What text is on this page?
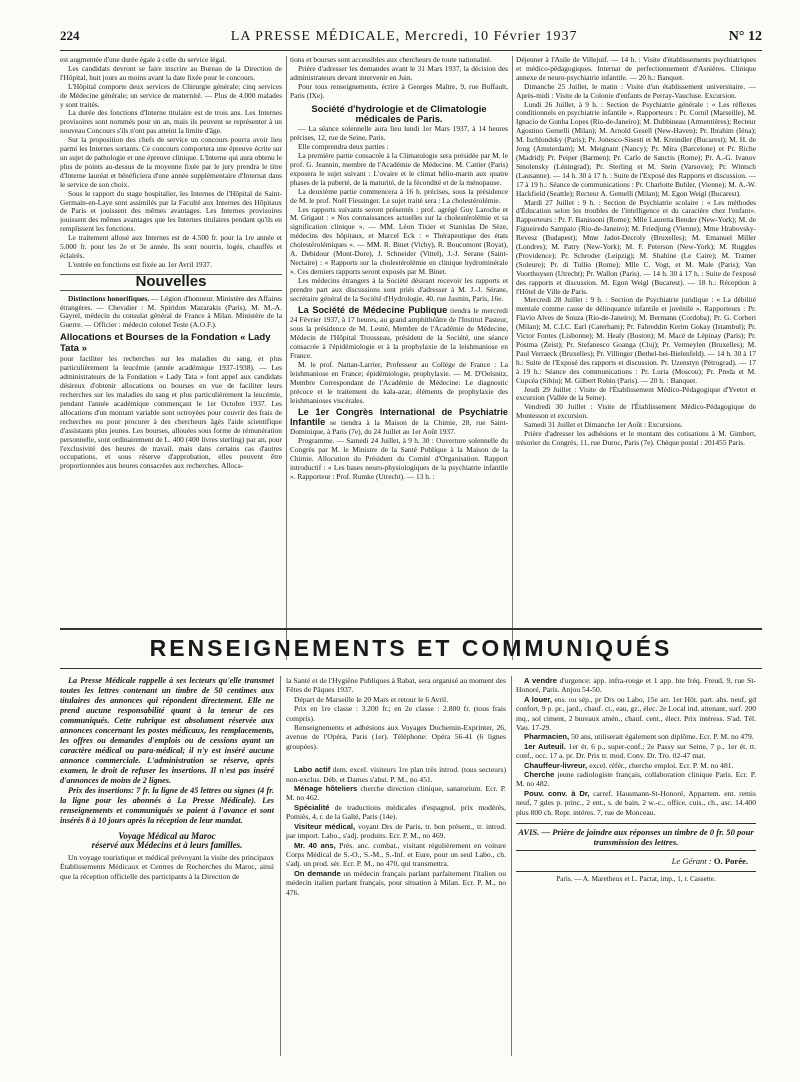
224	LA PRESSE MÉDICALE, Mercredi, 10 Février 1937	N° 12

est augmentée d'une durée égale à celle du service légal.

Les candidats devront se faire inscrire au Bureau de la Direction de l'Hôpital, huit jours au moins avant la date fixée pour le concours.

L'Hôpital comporte deux services de Chirurgie générale; cinq services de Médecine générale; un service de maternité. — Plus de 4.000 malades y sont traités.

La durée des fonctions d'Interne titulaire est de trois ans. Les Internes provisoires sont nommés pour un an, mais ils peuvent se représenter à un nouveau Concours s'ils n'ont pas atteint la limite d'âge.

Sur la proposition des chefs de service un concours pourra avoir lieu parmi les Internes sortants. Ce concours comportera une épreuve écrite sur un sujet de pathologie et une épreuve clinique. L'Interne qui aura obtenu le plus de points au-dessus de la moyenne fixée par le jury prendra le titre d'Interne lauréat et bénéficiera d'une année supplémentaire d'Internat dans le service de son choix.

Sous le rapport du stage hospitalier, les Internes de l'Hôpital de Saint-Germain-en-Laye sont assimilés par la Faculté aux Internes des Hôpitaux de Paris et jouissent des mêmes avantages. Les Internes provisoires jouissent des mêmes avantages que les Internes titulaires pendant qu'ils en remplissent les fonctions.

Le traitement alloué aux Internes est de 4.500 fr. pour la 1re année et 5.000 fr. pour les 2e et 3e année. Ils sont nourris, logés, chauffés et éclairés.

L'entrée en fonctions est fixée au 1er Avril 1937.

Nouvelles

Distinctions honorifiques. — Légion d'honneur. Ministère des Affaires étrangères. — Chevalier : M. Spiridon Mazarakis (Paris), M. M.-A. Gayrel, médecin du consulat général de France à Milan. Ministère de la Guerre. — Officier : médecin colonel Teste (A.O.F.).

Allocations et Bourses de la Fondation « Lady Tata »

pour faciliter les recherches sur les maladies du sang, et plus particulièrement la leucémie (année académique 1937-1938). — Les administrateurs de la Fondation « Lady Tata » font appel aux candidats désireux d'obtenir allocations ou bourses en vue de faciliter leurs recherches sur les maladies du sang et plus particulièrement la leucémie, pendant l'année académique commençant le 1er Octobre 1937. Les allocations d'un montant variable sont octroyées pour couvrir des frais de recherches ou pour procurer à des chercheurs âgés l'aide scientifique d'assistants plus jeunes. Les bourses, allouées sous forme de rémunération personnelle, sont ordinairement de L. 400 (400 livres sterling) par an, pour l'exclusivité des heures de travail, mais dans certains cas d'autres occupations, et sous réserve d'approbation, elles peuvent être proportionnées aux heures consacrées aux recherches. Alloca-

tions et bourses sont accessibles aux chercheurs de toute nationalité.

Prière d'adresser les demandes avant le 31 Mars 1937, la décision des administrateurs devant intervenir en Juin.

Pour tous renseignements, écrire à Georges Maître, 9, rue Buffault, Paris (IXe).

Société d'hydrologie et de Climatologie médicales de Paris.

— La séance solennelle aura lieu lundi 1er Mars 1937, à 14 heures précises, 12, rue de Seine, Paris.

Elle comprendra deux parties :

La première partie consacrée à la Climatologie sera présidée par M. le prof. G. Jeannin, membre de l'Académie de Médecine. M. Cattier (Paris) exposera le sujet suivant : L'ovaire et le climat hélio-marin aux quatre phases de la puberté, de la maturité, de la fécondité et de la ménopause.

La deuxième partie commencera à 16 h. précises, sous la présidence de M. le prof. Noël Fiessinger. Le sujet traité sera : La cholestérolémie.

Les rapports suivants seront présentés : prof. agrégé Guy Laroche et M. Grigaut : « Nos connaissances actuelles sur la cholestérolémie et sa signification clinique ». — MM. Léon Tixier et Stanislas De Sèze, médecins des hôpitaux, et Marcel Eck : « Thérapeutique des états cholestérolémiques ». — MM. R. Binet (Vichy), R. Boucomont (Royat), A. Debidour (Mont-Dore), J. Schneider (Vittel), J.-J. Serane (Saint-Nectaire) : « Rapports sur la cholestérolémie en clinique hydrominérale ». Ces derniers rapports seront exposés par M. Binet.

Les médecins étrangers à la Société désirant recevoir les rapports et prendre part aux discussions sont priés d'adresser à M. J.-J. Sérane, secrétaire général de la Société d'Hydrologie, 40, rue Jasmin, Paris, 16e.

La Société de Médecine Publique tiendra le mercredi 24 Février 1937, à 17 heures, au grand amphithéâtre de l'Institut Pasteur, sous la présidence de M. Lesné, Membre de l'Académie de Médecine, Médecin de l'Hôpital Trousseau, président de la Société, une séance consacrée à l'épidémiologie et à la prophylaxie de la leishmaniose en France.

M. le prof. Nattan-Larrier, Professeur au Collège de France : La leishmaniose en France; épidémiologie, prophylaxie. — M. D'Oelsnitz, Membre Correspondant de l'Académie de Médecine: Le diagnostic précoce et le traitement du kala-azar, éléments de prophylaxie des leishmanioses viscérales.

Le 1er Congrès International de Psychiatrie Infantile se tiendra à la Maison de la Chimie, 28, rue Saint-Dominique, à Paris (7e), du 24 Juillet au 1er Août 1937.

Programme. — Samedi 24 Juillet, à 9 h. 30 : Ouverture solennelle du Congrès par M. le Ministre de la Santé Publique à la Maison de la Chimie. Allocution du Président du Comité d'Organisation. Rapport introductif : « Les bases neuro-physiologiques de la psychiatrie infantile ». Rapporteur : Prof. Rumke (Utrecht). — 13 h. :

Déjeuner à l'Asile de Villejuif. — 14 h. : Visite d'établissements psychiatriques et médico-pédagogiques. Internat de perfectionnement d'Asnières. Clinique annexe de neuro-psychiatrie infantile. — 20 h.: Banquet.

Dimanche 25 Juillet, le matin : Visite d'un établissement universitaire. — Après-midi : Visite de la Colonie d'enfants de Perray-Vaucluse. Excursion.

Lundi 26 Juillet, à 9 h. : Section de Psychiatrie générale : « Les réflexes conditionnels en psychiatrie infantile ». Rapporteurs : Pr. Cornil (Marseille), M. Ignacio de Gunha Lopes (Rio-de-Janeiro); M. Dubbineau (Armentières); Recteur Agostino Gemelli (Milan); M. Arnold Gesell (New-Haven); Pr. Ibrahim (Iéna); M. Ischlondsky (Paris); Pr. Jonesco-Sisesti et M. Kreindler (Bucarest); M. H. de Jong (Amsterdam); M. Meignant (Nancy); Pr. Mira (Barcelone) et Pr. Riche (Madrid); Pr. Peiper (Barmen); Pr. Carlo de Sanctis (Rome); Pr. A.-G. Ivanov Smolensky (Léningrad); Pr. Sterling et M. Stein (Varsovie); Pr. Wintsch (Lausanne). — 14 h. 30 à 17 h. : Suite de l'Exposé des Rapports et discussion. — 17 à 19 h.: Séance de communications : Pr. Charlotte Buhler, (Vienne); M. A.-W. Hackfield (Seattle); Recteur A. Gemelli (Milan); M. Egon Weigl (Bucarest).

Mardi 27 Juillet : 9 h. : Section de Psychiatrie scolaire : « Les méthodes d'Éducation selon les troubles de l'intelligence et du caractère chez l'enfant». Rapporteurs : Pr. F. Banissoni (Rome); Mlle Lauretta Bender (New-York); M. de Figueiredo Sampaio (Rio-de-Janeiro); M. Friedjung (Vienne); Mme Hrabovsky-Revesz (Budapest); Mme Jadot-Decroly (Bruxelles); M. Emanuel Miller (Londres); M. Patry (New-York); M. F. Peterson (New-York); M. Ruggles (Providence); Pr. Schroder (Leipzig); M. Shahine (Le Caire); M. Tramer (Soleure); Pr. di Tullio (Rome); Mlle C. Vogt, et M. Male (Paris); Van Voorthuysen (Utrecht); Pr. Wallon (Paris). — 14 h. 30 à 17 h. : Suite de l'exposé des rapports et discussion. M. Egon Weigl (Bucarest). — 18 h.: Réception à l'Hôtel de Ville de Paris.

Mercredi 28 Juillet : 9 h. : Section de Psychiatrie juridique : « La débilité mentale comme cause de délinquance infantile et juvénile ». Rapporteurs : Pr. Flavio Alves de Souza (Rio-de-Janeiro); M. Bermann (Cordoba); Pr. G. Corberi (Milan); M. C.I.C. Earl (Caterham); Pr. Fahreddin Kerim Gokay (Istambul); Pr. Victor Fontes (Lisbonne); M. Healy (Boston); M. Macé de Lépinay (Paris); Pr. Postma (Zeist); Pr. Stefanesco Goanga (Cluj); Pr. Vermeylen (Bruxelles); M. Paul Verraeck (Bruxelles); Pr. Villinger (Bethel-bei-Bielenfeld). — 14 h. 30 à 17 h.: Suite de l'Exposé des rapports et discussion. Pr. Uzenstyn (Pétrograd). — 17 à 19 h.: Séance des communications : Pr. Luria (Moscou); Pr. Preda et M. Cupcéa (Sibiu); M. Gilbert Robin (Paris). — 20 h. : Banquet.

Jeudi 29 Juillet : Visite de l'Établissement Médico-Pédagogique d'Yvetot et excursion (Vallée de la Seine).

Vendredi 30 Juillet : Visite de l'Établissement Médico-Pédagogique de Montesson et excursion.

Samedi 31 Juillet et Dimanche 1er Août : Excursions.

Prière d'adresser les adhésions et le montant des cotisations à M. Gimbert, trésorier du Congrès, 11, rue Duroc, Paris (7e). Chèque postal : 201455 Paris.

RENSEIGNEMENTS ET COMMUNIQUÉS

La Presse Médicale rappelle à ses lecteurs qu'elle transmet toutes les lettres contenant un timbre de 50 centimes aux titulaires des annonces qui répondent directement. Elle ne prend aucune responsabilité quant à la teneur de ces communiqués. Cette rubrique est absolument réservée aux annonces concernant les postes médicaux, les remplacements, les offres ou demandes d'emplois ou de cessions ayant un caractère médical ou para-médical; il n'y est inséré aucune annonce commerciale. L'administration se réserve, après examen, le droit de refuser les insertions. Il n'est pas inséré d'annonces de moins de 2 lignes.

Prix des insertions: 7 fr. la ligne de 45 lettres ou signes (4 fr. la ligne pour les abonnés à La Presse Médicale). Les renseignements et communiqués se paient à l'avance et sont insérés 8 à 10 jours après la réception de leur mandat.

Voyage Médical au Maroc
réservé aux Médecins et à leurs familles.

Un voyage touristique et médical prévoyant la visite des principaux Établissements Médicaux et Centres de Recherches du Maroc, ainsi que la réception officielle des participants à la Direction de

la Santé et de l'Hygiène Publiques à Rabat, sera organisé au moment des Fêtes de Pâques 1937.

Départ de Marseille le 20 Mars et retour le 6 Avril.

Prix en 1re classe : 3.200 fr.; en 2e classe : 2.800 fr. (tous frais compris).

Renseignements et adhésions aux Voyages Duchemin-Exprinter, 26, avenue de l'Opéra, Paris (1er). Téléphone: Opéra 56-41 (6 lignes groupées).

Labo actif dem. excel. visiteurs 1re plan très introd. (tous secteurs) non-exclus. Déb. et Dames s'abst. P. M., no 451.

Ménage hôteliers cherche direction clinique, sanatorium. Ecr. P. M. no 462.

Spécialité de traductions médicales d'espagnol, prix modérés, Pomiès, 4, r. de la Gaîté, Paris (14e).

Visiteur médical, voyant Drs de Paris, tr. bon présent., tr. introd. par import. Labo., s'adj. produits. Ecr. P. M., no 469.

Mr. 40 ans, Prés. anc. combat., visitant régulièrement en voiture Corps Médical de S.-O., S.-M., S.-Inf. et Eure, pour un seul Labo., ch. s'adj. un prod. sér. Ecr. P. M., no 470, qui transmettra.

On demande un médecin français parlant parfaitement l'italien ou médecin italien parlant français, pour situation à Milan. Ecr. P. M., no 476.

A vendre d'urgence: app. infra-rouge et 1 app. hte fréq. Freud, 9, rue St-Honoré, Paris. Anjou 54-50.

A louer, ens. ou sép., pr Drs ou Labo, 15e arr. 1er Hôt. part. abs. neuf, gd confort, 9 p. pr., jard., chauf. ct., eau, gz., élec. 2e Local ind. attenant, surf. 200 mq., sol ciment, 2 bureaux amén., chauf. cent., élect. Prix intéress. S'ad. Tél. Vau. 17-29.

Pharmacien, 50 ans, utiliserait également son diplôme. Ecr. P. M. no 479.

1er Auteuil. 1er ét. 6 p., super-conf.; 2e Passy sur Seine, 7 p., 1er ét. tt. conf., occ. 17 a. pr. Dr. Prix tr. mod. Conv. Dr. Tro. 02-47 mat.

Chauffeur-livreur, excel. référ., cherche emploi. Ecr. P. M. no 481.

Cherche jeune radiologiste français, collaboration clinique Paris. Ecr. P. M. no 482.

Pouv. conv. à Dr, carref. Hausmann-St-Honoré, Appartem. ent. remis neuf, 7 gdes p. princ., 2 ent., s. de bain, 2 w.-c., office, cuis., ch., asc. 14.400 plus 800 ch. Repr. intéres. 7, rue de Monceau.

AVIS. — Prière de joindre aux réponses un timbre de 0 fr. 50 pour transmission des lettres.
Le Gérant : O. Porée.
Paris. — A. Maretheux et L. Pactat, imp., 1, r. Cassette.
